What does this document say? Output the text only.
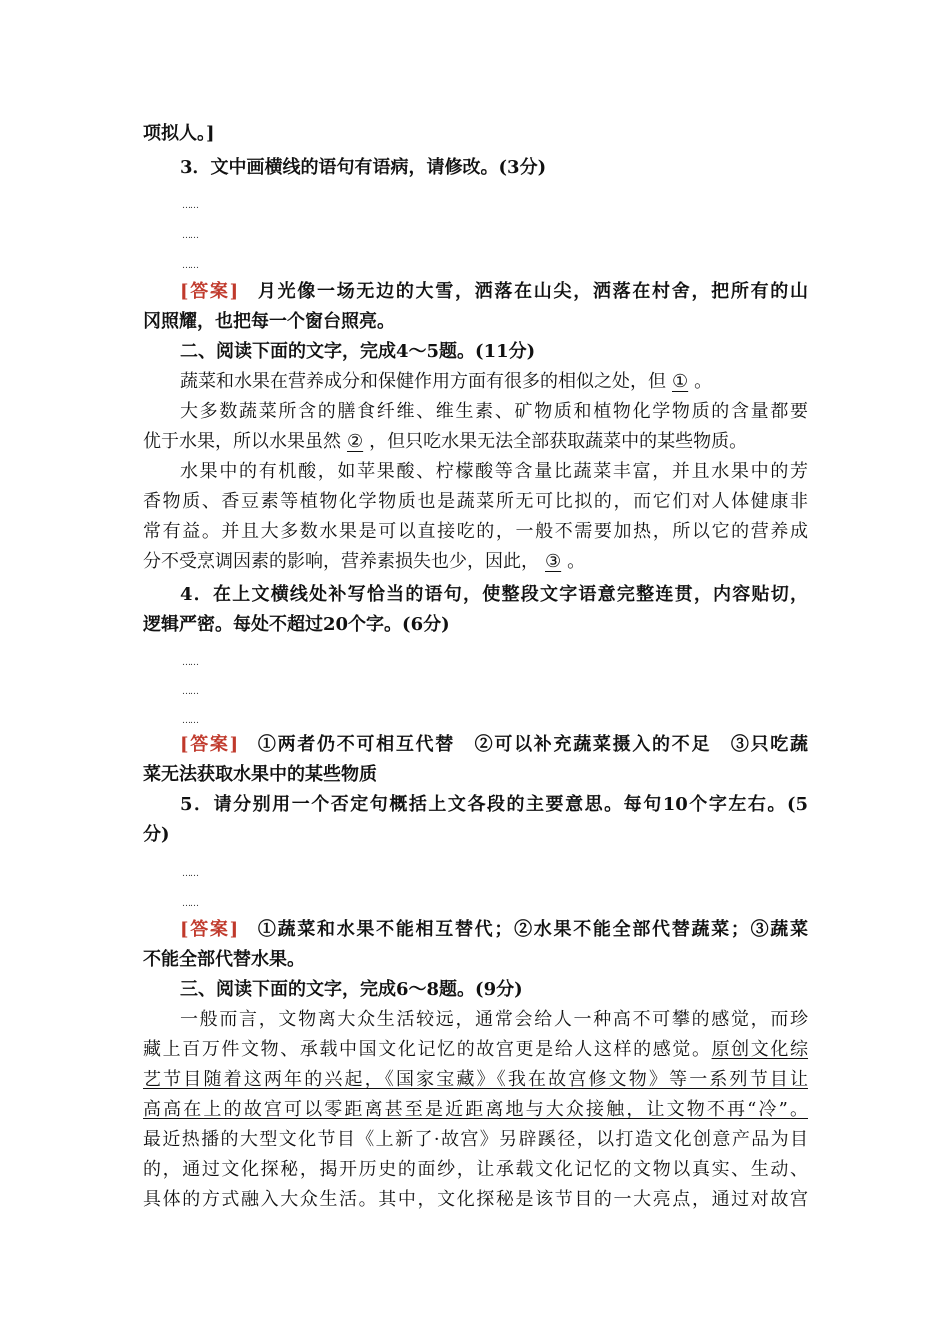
项拟人。]
3．文中画横线的语句有语病，请修改。(3分)
……
……
……
[答案] 月光像一场无边的大雪，洒落在山尖，洒落在村舍，把所有的山
冈照耀，也把每一个窗台照亮。
二、阅读下面的文字，完成4～5题。(11分)
蔬菜和水果在营养成分和保健作用方面有很多的相似之处，但 ① 。
大多数蔬菜所含的膳食纤维、维生素、矿物质和植物化学物质的含量都要
优于水果，所以水果虽然 ② ，但只吃水果无法全部获取蔬菜中的某些物质。
水果中的有机酸，如苹果酸、柠檬酸等含量比蔬菜丰富，并且水果中的芳
香物质、香豆素等植物化学物质也是蔬菜所无可比拟的，而它们对人体健康非
常有益。并且大多数水果是可以直接吃的，一般不需要加热，所以它的营养成
分不受烹调因素的影响，营养素损失也少，因此， ③ 。
4．在上文横线处补写恰当的语句，使整段文字语意完整连贯，内容贴切，
逻辑严密。每处不超过20个字。(6分)
……
……
……
[答案] ①两者仍不可相互代替　②可以补充蔬菜摄入的不足　③只吃蔬
菜无法获取水果中的某些物质
5．请分别用一个否定句概括上文各段的主要意思。每句10个字左右。(5
分)
……
……
[答案] ①蔬菜和水果不能相互替代；②水果不能全部代替蔬菜；③蔬菜
不能全部代替水果。
三、阅读下面的文字，完成6～8题。(9分)
一般而言，文物离大众生活较远，通常会给人一种高不可攀的感觉，而珍
藏上百万件文物、承载中国文化记忆的故宫更是给人这样的感觉。原创文化综
艺节目随着这两年的兴起，《国家宝藏》《我在故宫修文物》等一系列节目让
高高在上的故宫可以零距离甚至是近距离地与大众接触，让文物不再“冷”。
最近热播的大型文化节目《上新了·故宫》另辟蹊径，以打造文化创意产品为目
的，通过文化探秘，揭开历史的面纱，让承载文化记忆的文物以真实、生动、
具体的方式融入大众生活。其中，文化探秘是该节目的一大亮点，通过对故宫
